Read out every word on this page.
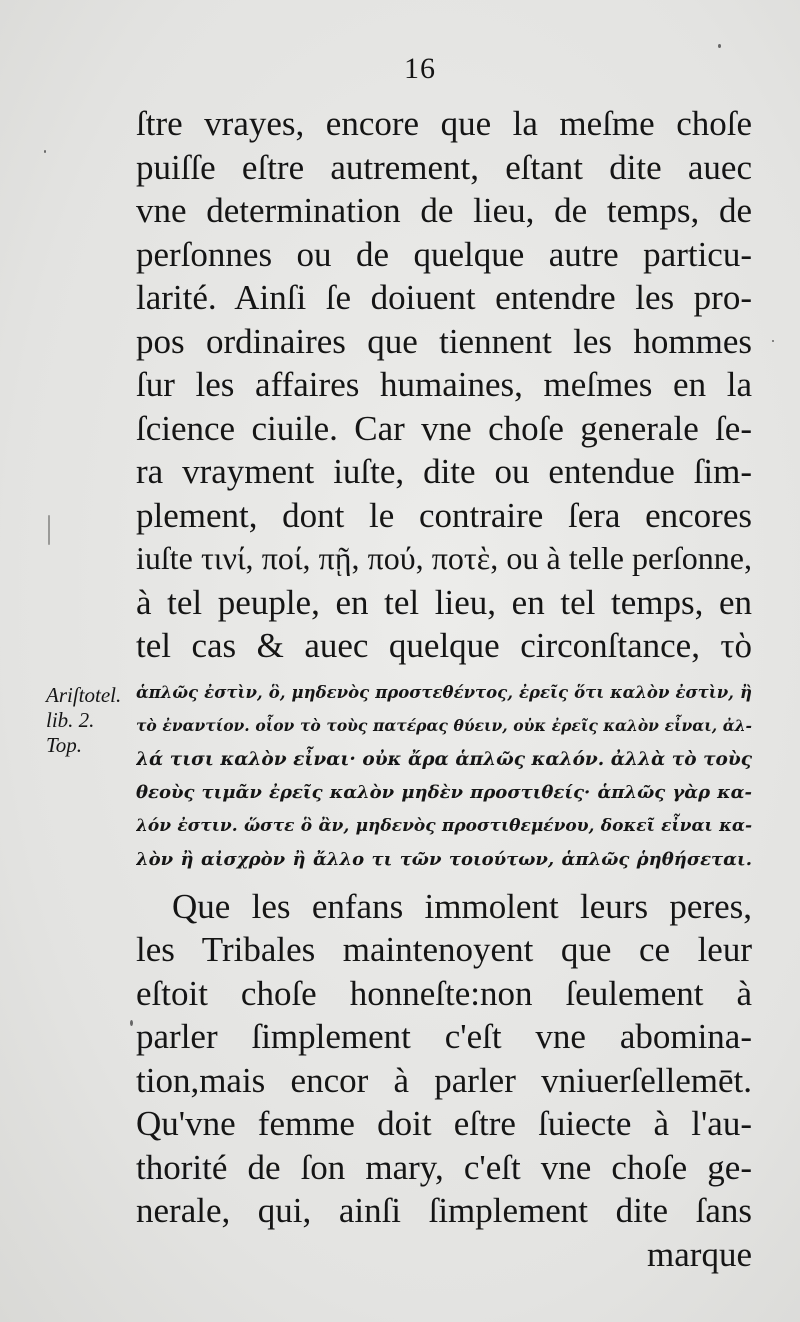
16
Ariſtotel.
lib. 2.
Top.
ſtre vrayes, encore que la meſme choſe
puiſſe eſtre autrement, eſtant dite auec
vne determination de lieu, de temps, de
perſonnes ou de quelque autre particu-
larité. Ainſi ſe doiuent entendre les pro-
pos ordinaires que tiennent les hommes
ſur les affaires humaines, meſmes en la
ſcience ciuile. Car vne choſe generale ſe-
ra vrayment iuſte, dite ou entendue ſim-
plement, dont le contraire ſera encores
iuſte τινί, ποί, πῇ, πού, ποτὲ, ou à telle perſonne,
à tel peuple, en tel lieu, en tel temps, en
tel cas & auec quelque circonſtance, τὸ
ἁπλῶς ἐστὶν, ὃ, μηδενὸς προστεθέντος, ἐρεῖς ὅτι καλὸν ἐστὶν, ἢ
τὸ ἐναντίον. οἷον τὸ τοὺς πατέρας θύειν, οὐκ ἐρεῖς καλὸν εἶναι, ἀλ-
λά τισι καλὸν εἶναι· οὐκ ἄρα ἁπλῶς καλόν. ἀλλὰ τὸ τοὺς
θεοὺς τιμᾶν ἐρεῖς καλὸν μηδὲν προστιθείς· ἁπλῶς γὰρ κα-
λόν ἐστιν. ὥστε ὃ ἂν, μηδενὸς προστιθεμένου, δοκεῖ εἶναι κα-
λὸν ἢ αἰσχρὸν ἢ ἄλλο τι τῶν τοιούτων, ἁπλῶς ῥηθήσεται.
Que les enfans immolent leurs peres,
les Tribales maintenoyent que ce leur
eſtoit choſe honneſte:non ſeulement à
parler ſimplement c'eſt vne abomina-
tion,mais encor à parler vniuerſellemēt.
Qu'vne femme doit eſtre ſuiecte à l'au-
thorité de ſon mary, c'eſt vne choſe ge-
nerale, qui, ainſi ſimplement dite ſans
marque
